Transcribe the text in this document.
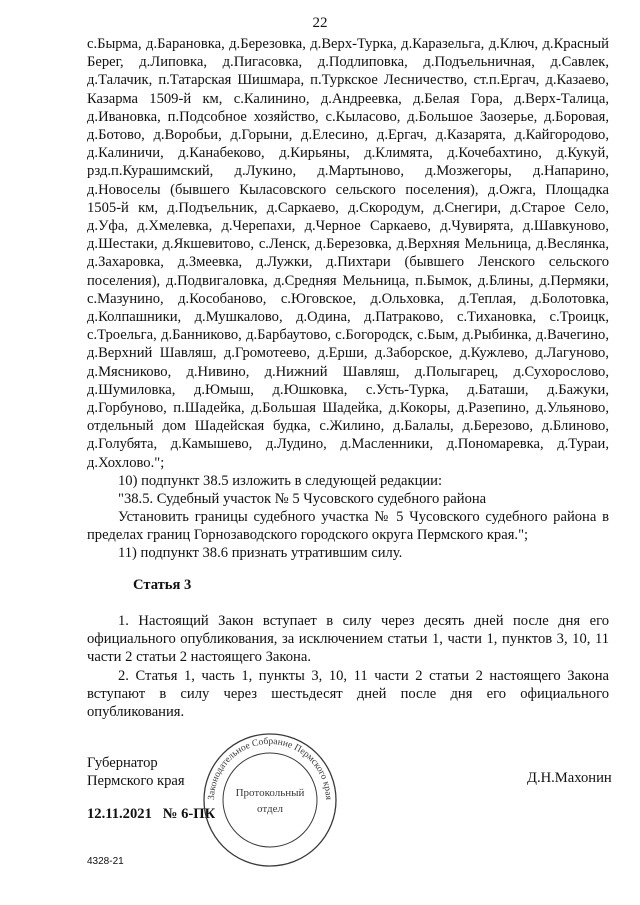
22

с.Бырма, д.Барановка, д.Березовка, д.Верх-Турка, д.Каразельга, д.Ключ, д.Красный Берег, д.Липовка, д.Пигасовка, д.Подлиповка, д.Подъельничная, д.Савлек, д.Талачик, п.Татарская Шишмара, п.Туркское Лесничество, ст.п.Ергач, д.Казаево, Казарма 1509-й км, с.Калинино, д.Андреевка, д.Белая Гора, д.Верх-Талица, д.Ивановка, п.Подсобное хозяйство, с.Кыласово, д.Большое Заозерье, д.Боровая, д.Ботово, д.Воробьи, д.Горыни, д.Елесино, д.Ергач, д.Казарята, д.Кайгородово, д.Калиничи, д.Канабеково, д.Кирьяны, д.Климята, д.Кочебахтино, д.Кукуй, рзд.п.Курашимский, д.Лукино, д.Мартыново, д.Мозжегоры, д.Напарино, д.Новоселы (бывшего Кыласовского сельского поселения), д.Ожга, Площадка 1505-й км, д.Подъельник, д.Саркаево, д.Скородум, д.Снегири, д.Старое Село, д.Уфа, д.Хмелевка, д.Черепахи, д.Черное Саркаево, д.Чувирята, д.Шавкуново, д.Шестаки, д.Якшевитово, с.Ленск, д.Березовка, д.Верхняя Мельница, д.Веслянка, д.Захаровка, д.Змеевка, д.Лужки, д.Пихтари (бывшего Ленского сельского поселения), д.Подвигаловка, д.Средняя Мельница, п.Бымок, д.Блины, д.Пермяки, с.Мазунино, д.Кособаново, с.Юговское, д.Ольховка, д.Теплая, д.Болотовка, д.Колпашники, д.Мушкалово, д.Одина, д.Патраково, с.Тихановка, с.Троицк, с.Троельга, д.Банниково, д.Барбаутово, с.Богородск, с.Бым, д.Рыбинка, д.Вачегино, д.Верхний Шавляш, д.Громотеево, д.Ерши, д.Заборское, д.Кужлево, д.Лагуново, д.Мясниково, д.Нивино, д.Нижний Шавляш, д.Полыгарец, д.Сухорослово, д.Шумиловка, д.Юмыш, д.Юшковка, с.Усть-Турка, д.Баташи, д.Бажуки, д.Горбуново, п.Шадейка, д.Большая Шадейка, д.Кокоры, д.Разепино, д.Ульяново, отдельный дом Шадейская будка, с.Жилино, д.Балалы, д.Березово, д.Блиново, д.Голубята, д.Камышево, д.Лудино, д.Масленники, д.Пономаревка, д.Тураи, д.Хохлово.";

10) подпункт 38.5 изложить в следующей редакции:

"38.5. Судебный участок № 5 Чусовского судебного района

Установить границы судебного участка № 5 Чусовского судебного района в пределах границ Горнозаводского городского округа Пермского края.";

11) подпункт 38.6 признать утратившим силу.

Статья 3

1. Настоящий Закон вступает в силу через десять дней после дня его официального опубликования, за исключением статьи 1, части 1, пунктов 3, 10, 11 части 2 статьи 2 настоящего Закона.

2. Статья 1, часть 1, пункты 3, 10, 11 части 2 статьи 2 настоящего Закона вступают в силу через шестьдесят дней после дня его официального опубликования.

Губернатор
Пермского края	Д.Н.Махонин
12.11.2021   № 6-ПК
Законодательное Собрание Пермского края
Протокольный
отдел
4328-21
